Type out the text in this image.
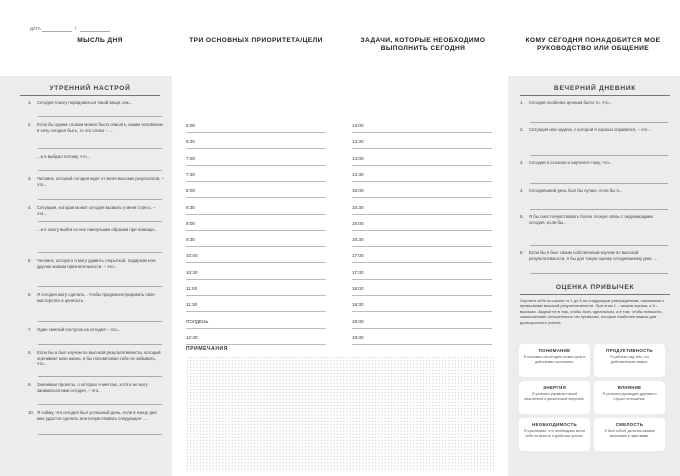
ДАТА	/
МЫСЛЬ ДНЯ	ТРИ ОСНОВНЫХ ПРИОРИТЕТА/ЦЕЛИ	ЗАДАЧИ, КОТОРЫЕ НЕОБХОДИМО ВЫПОЛНИТЬ СЕГОДНЯ
КОМУ СЕГОДНЯ ПОНАДОБИТСЯ МОЕ РУКОВОДСТВО ИЛИ ОБЩЕНИЕ
УТРЕННИЙ НАСТРОЙ
1. Сегодня я могу порадоваться такой вещи, как...
2. Если бы одним словом можно было описать, каким человеком я хочу сегодня быть, то это слово – ...
...и я выбрал потому, что...
3. Человек, который сегодня ждет от меня высоких результатов, – это...
4. Ситуация, которая может сегодня вызвать у меня стресс, – это...
...и я смогу выйти из нее наилучшим образом при помощи...
5. Человек, которого я могу удивить открыткой, подарком или другим знаком признательности, – это...
6. Я сегодня могу сделать... чтобы продемонстрировать свое мастерство и ценность.
7. Один смелый поступок на сегодня – это...
8. Если бы я был коучем по высокой результативности, который оценивает мою жизнь, я бы посоветовал себе не забывать, что...
9. Значимые проекты, о которых я мечтаю, хотя и не могу заниматься ими сегодня, – это...
10. Я пойму, что сегодня был успешный день, если в конце дня мне удастся сделать или почувствовать следующее: ...
6:00
6:30
7:00
7:30
8:00
8:30
9:00
9:30
10:00
10:30
11:00
11:30
ПОЛДЕНЬ
12:30
13:00
13:30
14:00
14:30
15:00
15:30
16:00
16:30
17:00
17:30
18:00
18:30
19:00
19:30
ПРИМЕЧАНИЯ
ВЕЧЕРНИЙ ДНЕВНИК
1. Сегодня особенно ценным было то, что...
2. Ситуация или задача, с которой я хорошо справился, – это...
3. Сегодня я осознал и научился тому, что...
4. Сегодняшний день был бы лучше, если бы я...
5. Я бы смог почувствовать более тесную связь с окружающими сегодня, если бы...
6. Если бы я был своим собственным коучем по высокой результативности, я бы дал такую оценку сегодняшнему дню: ...
ОЦЕНКА ПРИВЫЧЕК
Оцените себе по шкале от 1 до 5 по следующим утверждениям, связанным с привычками высокой результативности. При этом 1 – низкая оценка, а 5 – высокая. Задачи не в том, чтобы быть идеальным, а в том, чтобы повысить самосознание относительно тех привычек, которые наиболее важны для долгосрочного успеха.
ПОНИМАНИЕ
Я поставил на сегодня четкие цели и действовал осознанно.
ПРОДУКТИВНОСТЬ
Я работал над тем, что действительно важно.
ЭНЕРГИЯ
Я успешно управлял своей мысленной и физической энергией.
ВЛИЯНИЕ
Я успешно руководил другими и строил отношения.
НЕОБХОДИМОСТЬ
Я чувствовал, что необходимо вести себя на высоте и добиться успеха.
СМЕЛОСТЬ
Я был собой, делился своими мнениями и чувствами.
